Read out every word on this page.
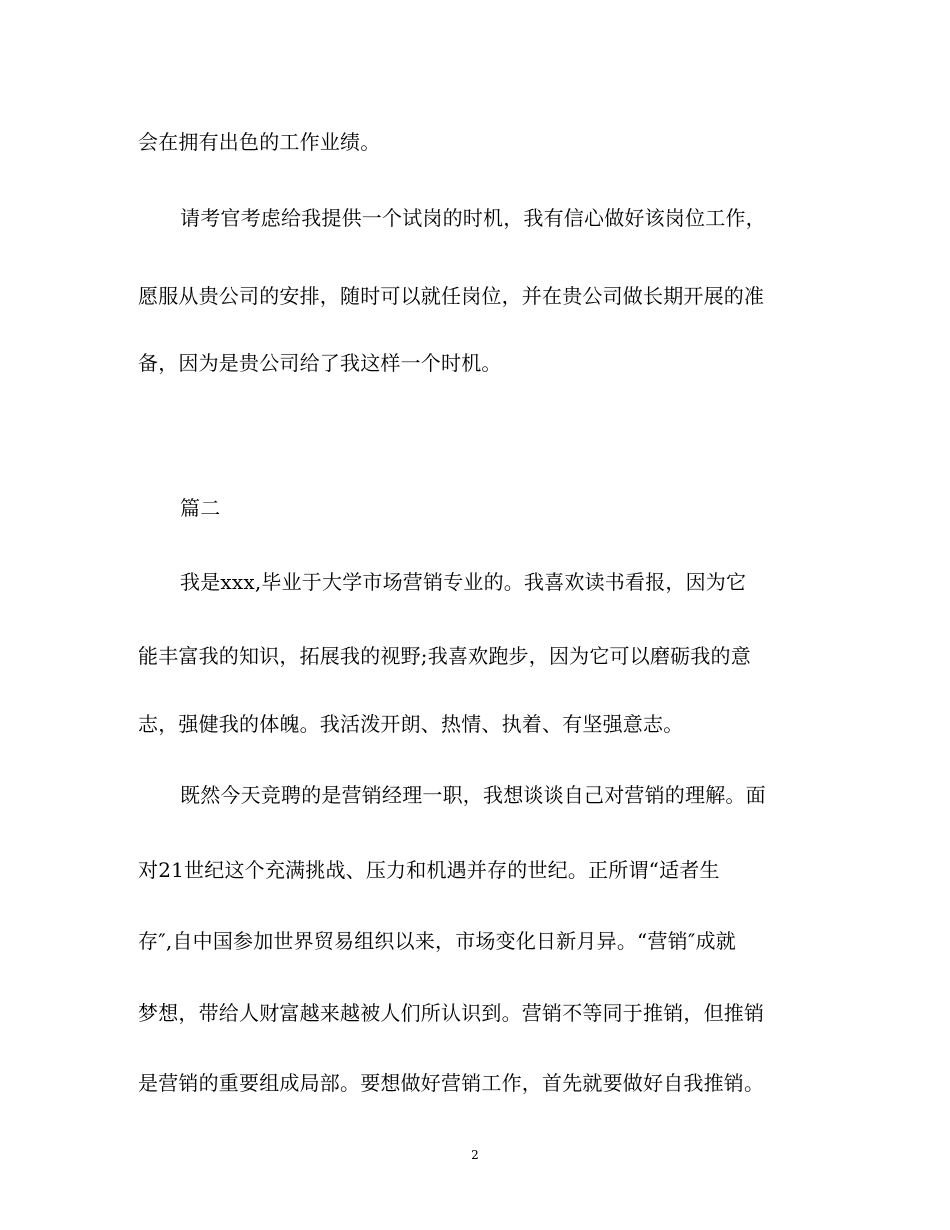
会在拥有出色的工作业绩。
请考官考虑给我提供一个试岗的时机，我有信心做好该岗位工作，
愿服从贵公司的安排，随时可以就任岗位，并在贵公司做长期开展的准
备，因为是贵公司给了我这样一个时机。
篇二
我是xxx,毕业于大学市场营销专业的。我喜欢读书看报，因为它
能丰富我的知识，拓展我的视野;我喜欢跑步，因为它可以磨砺我的意
志，强健我的体魄。我活泼开朗、热情、执着、有坚强意志。
既然今天竞聘的是营销经理一职，我想谈谈自己对营销的理解。面
对21世纪这个充满挑战、压力和机遇并存的世纪。正所谓“适者生
存″,自中国参加世界贸易组织以来，市场变化日新月异。“营销″成就
梦想，带给人财富越来越被人们所认识到。营销不等同于推销，但推销
是营销的重要组成局部。要想做好营销工作，首先就要做好自我推销。
2
